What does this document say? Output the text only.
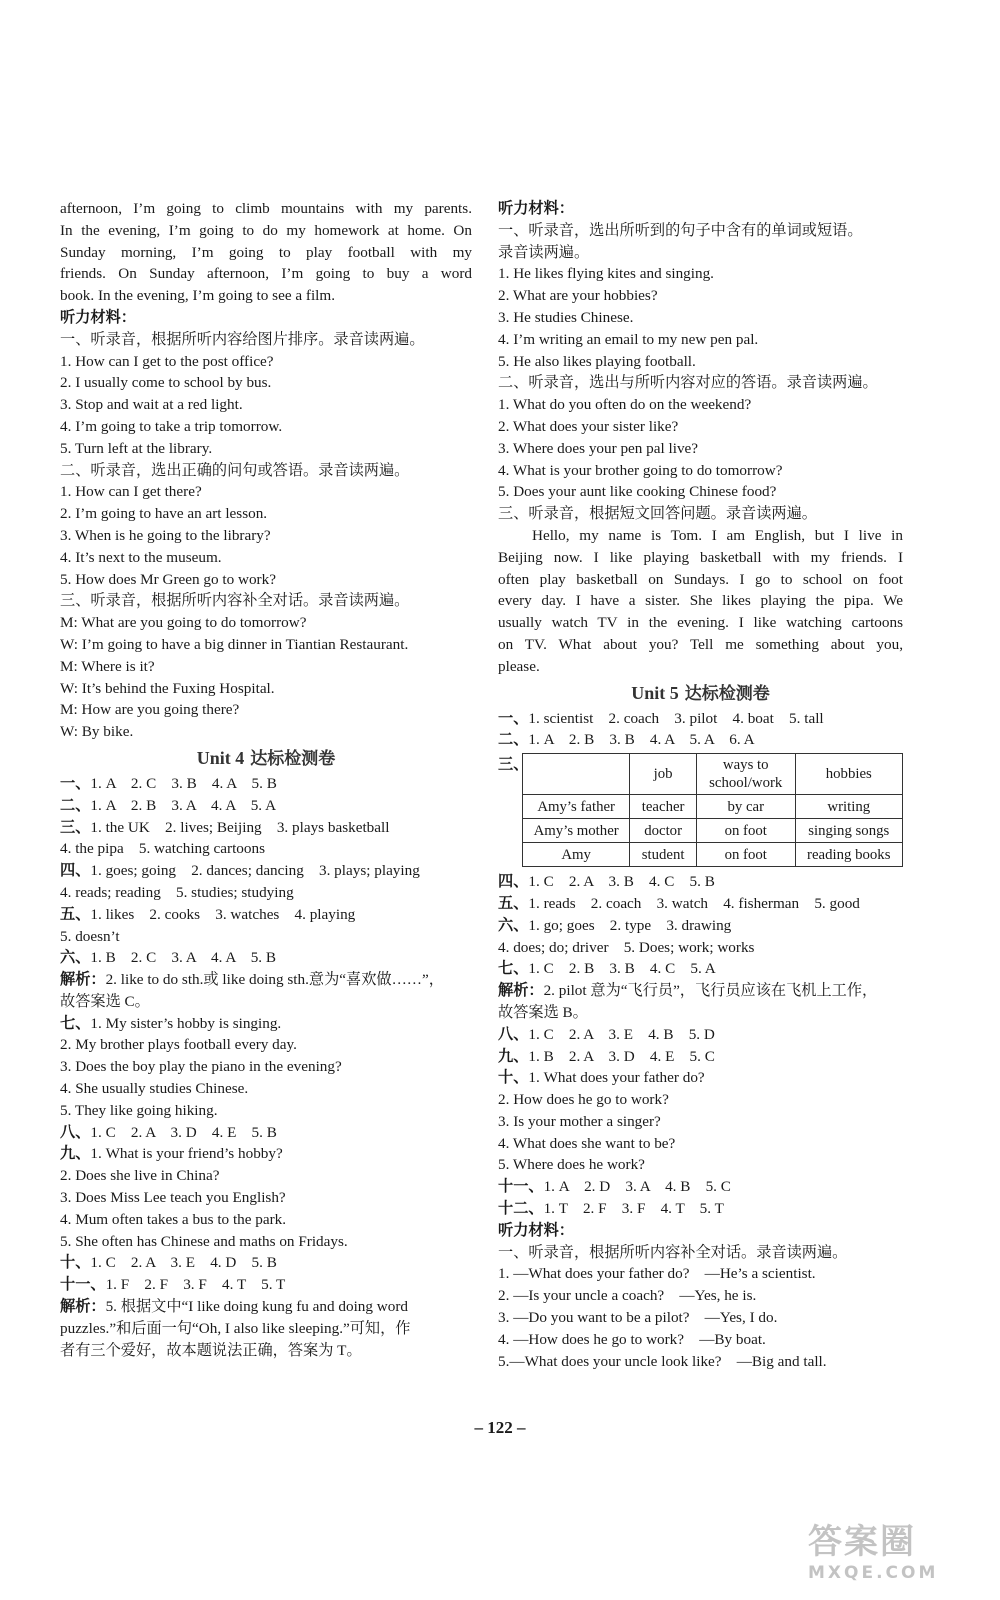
afternoon, I’m going to climb mountains with my parents.
In the evening, I’m going to do my homework at home. On
Sunday morning, I’m going to play football with my
friends. On Sunday afternoon, I’m going to buy a word
book. In the evening, I’m going to see a film.
听力材料：
一、听录音，根据所听内容给图片排序。录音读两遍。
1. How can I get to the post office?
2. I usually come to school by bus.
3. Stop and wait at a red light.
4. I’m going to take a trip tomorrow.
5. Turn left at the library.
二、听录音，选出正确的问句或答语。录音读两遍。
1. How can I get there?
2. I’m going to have an art lesson.
3. When is he going to the library?
4. It’s next to the museum.
5. How does Mr Green go to work?
三、听录音，根据所听内容补全对话。录音读两遍。
M: What are you going to do tomorrow?
W: I’m going to have a big dinner in Tiantian Restaurant.
M: Where is it?
W: It’s behind the Fuxing Hospital.
M: How are you going there?
W: By bike.
Unit 4 达标检测卷
一、1. A    2. C    3. B    4. A    5. B
二、1. A    2. B    3. A    4. A    5. A
三、1. the UK    2. lives; Beijing    3. plays basketball
4. the pipa    5. watching cartoons
四、1. goes; going    2. dances; dancing    3. plays; playing
4. reads; reading    5. studies; studying
五、1. likes    2. cooks    3. watches    4. playing
5. doesn’t
六、1. B    2. C    3. A    4. A    5. B
解析：2. like to do sth.或 like doing sth.意为“喜欢做……”，
故答案选 C。
七、1. My sister’s hobby is singing.
2. My brother plays football every day.
3. Does the boy play the piano in the evening?
4. She usually studies Chinese.
5. They like going hiking.
八、1. C    2. A    3. D    4. E    5. B
九、1. What is your friend’s hobby?
2. Does she live in China?
3. Does Miss Lee teach you English?
4. Mum often takes a bus to the park.
5. She often has Chinese and maths on Fridays.
十、1. C    2. A    3. E    4. D    5. B
十一、1. F    2. F    3. F    4. T    5. T
解析：5. 根据文中“I like doing kung fu and doing word
puzzles.”和后面一句“Oh, I also like sleeping.”可知，作
者有三个爱好，故本题说法正确，答案为 T。
听力材料：
一、听录音，选出所听到的句子中含有的单词或短语。
录音读两遍。
1. He likes flying kites and singing.
2. What are your hobbies?
3. He studies Chinese.
4. I’m writing an email to my new pen pal.
5. He also likes playing football.
二、听录音，选出与所听内容对应的答语。录音读两遍。
1. What do you often do on the weekend?
2. What does your sister like?
3. Where does your pen pal live?
4. What is your brother going to do tomorrow?
5. Does your aunt like cooking Chinese food?
三、听录音，根据短文回答问题。录音读两遍。
Hello, my name is Tom. I am English, but I live in
Beijing now. I like playing basketball with my friends. I
often play basketball on Sundays. I go to school on foot
every day. I have a sister. She likes playing the pipa. We
usually watch TV in the evening. I like watching cartoons
on TV. What about you? Tell me something about you,
please.
Unit 5 达标检测卷
一、1. scientist    2. coach    3. pilot    4. boat    5. tall
二、1. A    2. B    3. B    4. A    5. A    6. A
三、
	job	ways to school/work	hobbies
Amy’s father	teacher	by car	writing
Amy’s mother	doctor	on foot	singing songs
Amy	student	on foot	reading books
四、1. C    2. A    3. B    4. C    5. B
五、1. reads    2. coach    3. watch    4. fisherman    5. good
六、1. go; goes    2. type    3. drawing
4. does; do; driver    5. Does; work; works
七、1. C    2. B    3. B    4. C    5. A
解析：2. pilot 意为“飞行员”，飞行员应该在飞机上工作，
故答案选 B。
八、1. C    2. A    3. E    4. B    5. D
九、1. B    2. A    3. D    4. E    5. C
十、1. What does your father do?
2. How does he go to work?
3. Is your mother a singer?
4. What does she want to be?
5. Where does he work?
十一、1. A    2. D    3. A    4. B    5. C
十二、1. T    2. F    3. F    4. T    5. T
听力材料：
一、听录音，根据所听内容补全对话。录音读两遍。
1. —What does your father do?    —He’s a scientist.
2. —Is your uncle a coach?    —Yes, he is.
3. —Do you want to be a pilot?    —Yes, I do.
4. —How does he go to work?    —By boat.
5.—What does your uncle look like?    —Big and tall.
– 122 –
答案圈
MXQE.COM
